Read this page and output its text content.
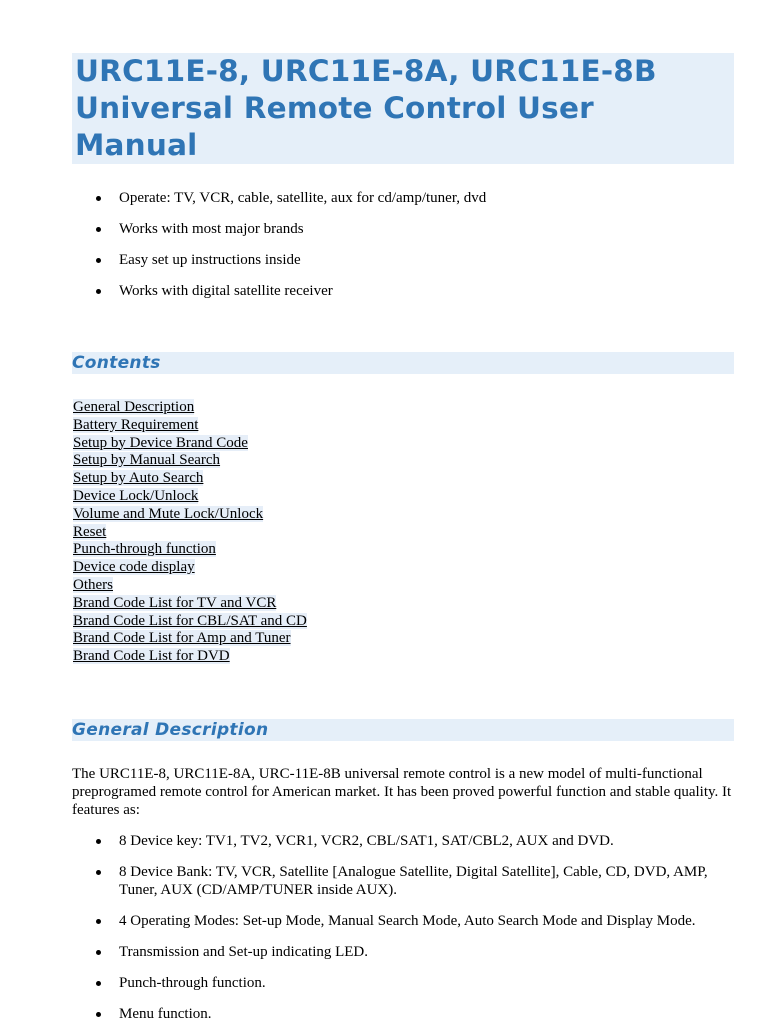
URC11E-8, URC11E-8A, URC11E-8B
Universal Remote Control User
Manual
Operate: TV, VCR, cable, satellite, aux for cd/amp/tuner, dvd
Works with most major brands
Easy set up instructions inside
Works with digital satellite receiver
Contents
General Description
Battery Requirement
Setup by Device Brand Code
Setup by Manual Search
Setup by Auto Search
Device Lock/Unlock
Volume and Mute Lock/Unlock
Reset
Punch-through function
Device code display
Others
Brand Code List for TV and VCR
Brand Code List for CBL/SAT and CD
Brand Code List for Amp and Tuner
Brand Code List for DVD
General Description

The URC11E-8, URC11E-8A, URC-11E-8B universal remote control is a new model of multi-functional preprogramed remote control for American market. It has been proved powerful function and stable quality. It features as:

8 Device key: TV1, TV2, VCR1, VCR2, CBL/SAT1, SAT/CBL2, AUX and DVD.
8 Device Bank: TV, VCR, Satellite [Analogue Satellite, Digital Satellite], Cable, CD, DVD, AMP, Tuner, AUX (CD/AMP/TUNER inside AUX).
4 Operating Modes: Set-up Mode, Manual Search Mode, Auto Search Mode and Display Mode.
Transmission and Set-up indicating LED.
Punch-through function.
Menu function.
